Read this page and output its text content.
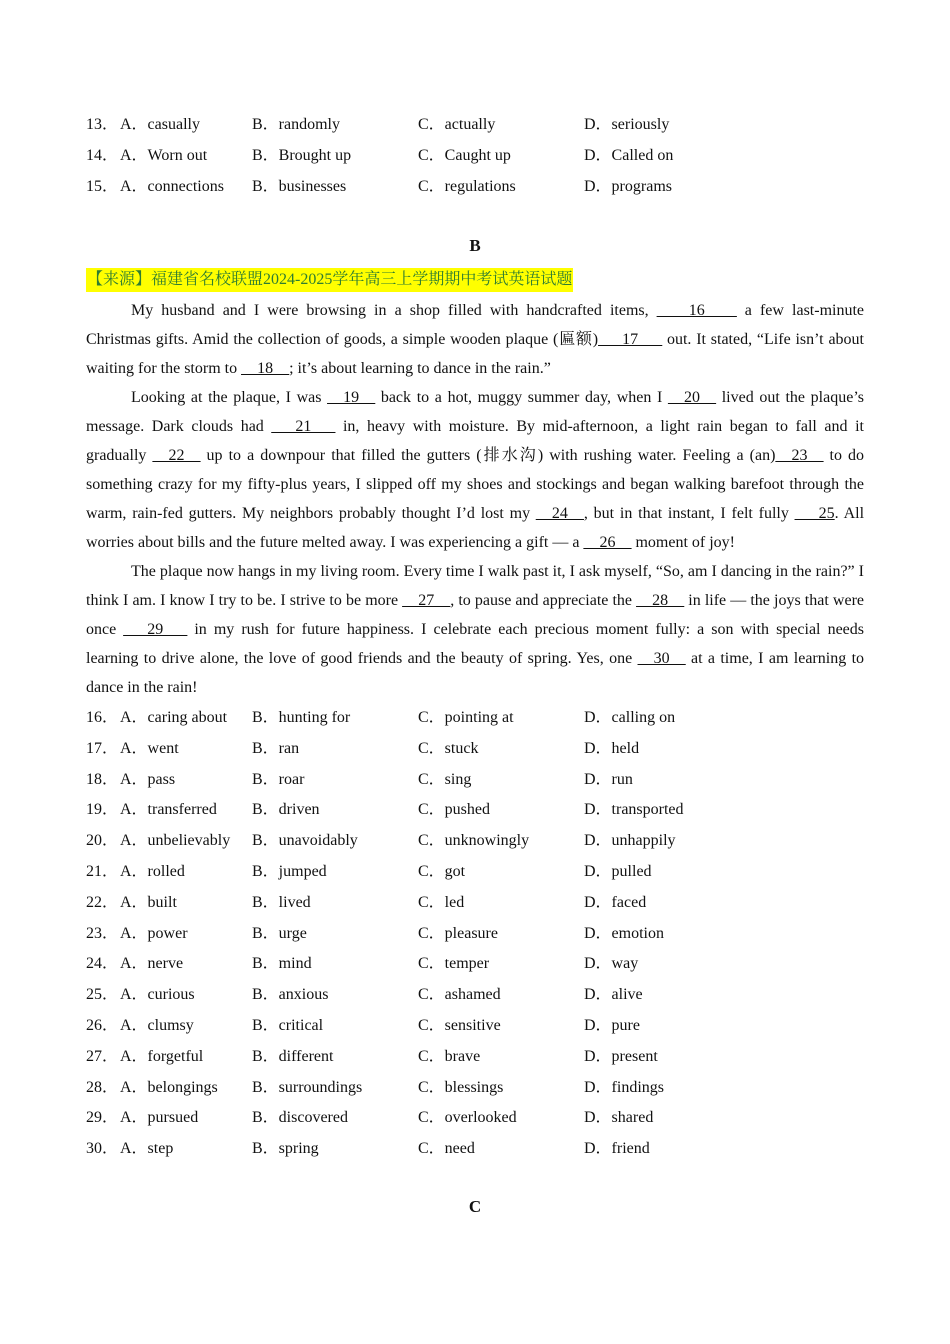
13． A．casually	B．randomly	C．actually	D．seriously
14． A．Worn out	B．Brought up	C．Caught up	D．Called on
15． A．connections B．businesses	C．regulations	D．programs
B
【来源】福建省名校联盟2024-2025学年高三上学期期中考试英语试题

My husband and I were browsing in a shop filled with handcrafted items, ____16____ a few last-minute Christmas gifts. Amid the collection of goods, a simple wooden plaque (匾额)___17___ out. It stated, “Life isn’t about waiting for the storm to __18__; it’s about learning to dance in the rain.”

Looking at the plaque, I was __19__ back to a hot, muggy summer day, when I __20__ lived out the plaque’s message. Dark clouds had ___21___ in, heavy with moisture. By mid-afternoon, a light rain began to fall and it gradually __22__ up to a downpour that filled the gutters (排水沟) with rushing water. Feeling a (an)__23__ to do something crazy for my fifty-plus years, I slipped off my shoes and stockings and began walking barefoot through the warm, rain-fed gutters. My neighbors probably thought I’d lost my __24__, but in that instant, I felt fully ___25. All worries about bills and the future melted away. I was experiencing a gift — a __26__ moment of joy!

The plaque now hangs in my living room. Every time I walk past it, I ask myself, “So, am I dancing in the rain?” I think I am. I know I try to be. I strive to be more __27__, to pause and appreciate the __28__ in life — the joys that were once ___29___ in my rush for future happiness. I celebrate each precious moment fully: a son with special needs learning to drive alone, the love of good friends and the beauty of spring. Yes, one __30__ at a time, I am learning to dance in the rain!

16． A．caring about B．hunting for	C．pointing at	D．calling on
17． A．went	B．ran	C．stuck	D．held
18． A．pass	B．roar	C．sing	D．run
19． A．transferred B．driven	C．pushed	D．transported
20． A．unbelievably B．unavoidably	C．unknowingly	D．unhappily
21． A．rolled	B．jumped	C．got	D．pulled
22． A．built	B．lived	C．led	D．faced
23． A．power	B．urge	C．pleasure	D．emotion
24． A．nerve	B．mind	C．temper	D．way
25． A．curious	B．anxious	C．ashamed	D．alive
26． A．clumsy	B．critical	C．sensitive	D．pure
27． A．forgetful	B．different	C．brave	D．present
28． A．belongings B．surroundings	C．blessings	D．findings
29． A．pursued	B．discovered	C．overlooked	D．shared
30． A．step	B．spring	C．need	D．friend
C
